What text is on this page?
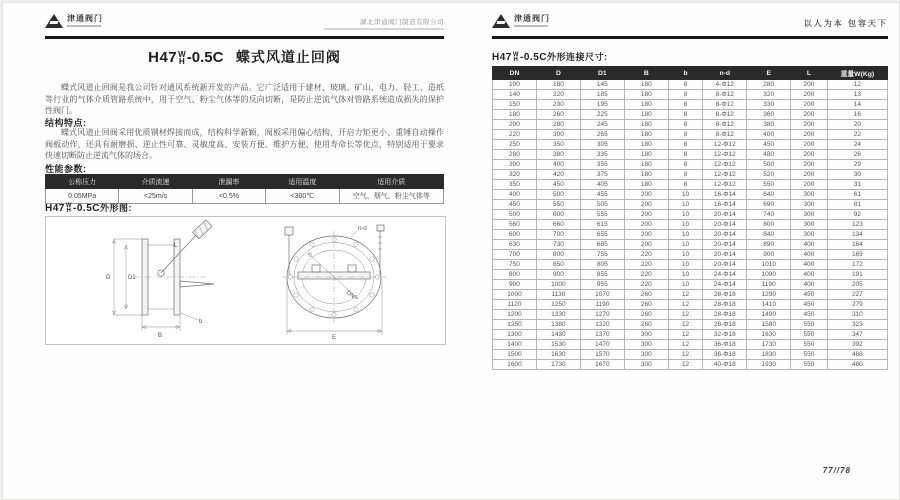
津通阀门	湖北津通阀门制造有限公司
H47 W
H -0.5C 蝶式风道止回阀
蝶式风道止回阀是我公司针对通风系统新开发的产品。它广泛适用于建材、玻璃、矿山、电力、轻工、造纸等行业的气体介质管路系统中，用于空气、粉尘气体等的反向切断，是防止逆流气体对管路系统造成损失的保护性阀门。
结构特点:
蝶式风道止回阀采用优质钢材焊接而成，结构科学新颖，阀板采用偏心结构，开启力矩更小、重锤自动操作阀板动作，还具有耐磨损、逆止性可靠、灵敏度高、安装方便、维护方便、使用寿命长等优点，特别适用于要求快速切断防止逆流气体的场合。
性能参数:
公称压力	介质流速	泄漏率	适用温度	适用介质
0.05MPa	<25m/s	<0.5%	<300℃	空气、烟气、粉尘气体等
H47 W
H -0.5C 外形图:
D	D1
L
B
b
n-d
DN
E
津通阀门
以人为本 包容天下
H47 W
H -0.5C 外形连接尺寸:
DN	D	D1	B	b	n-d	E	L	重量W(Kg)
100	180	145	180	8	4-Φ12	280	200	12
140	220	185	180	8	8-Φ12	320	200	13
150	230	195	180	8	8-Φ12	330	200	14
180	260	225	180	8	8-Φ12	360	200	16
200	280	245	180	8	8-Φ12	380	200	20
220	300	265	180	8	8-Φ12	400	200	22
250	350	305	180	8	12-Φ12	450	200	24
280	380	335	180	8	12-Φ12	480	200	26
300	400	355	180	8	12-Φ12	500	200	29
320	420	375	180	8	12-Φ12	520	200	30
350	450	405	180	8	12-Φ12	550	200	31
400	500	455	200	10	16-Φ14	640	300	61
450	550	505	200	10	16-Φ14	690	300	81
500	600	555	200	10	20-Φ14	740	300	92
560	660	615	200	10	20-Φ14	800	300	123
600	700	655	200	10	20-Φ14	840	300	134
630	730	685	200	10	20-Φ14	890	400	164
700	800	755	220	10	20-Φ14	900	400	169
750	850	805	220	10	20-Φ14	1010	400	172
800	900	855	220	10	24-Φ14	1090	400	191
900	1000	955	220	10	24-Φ14	1190	400	205
1000	1130	1070	260	12	28-Φ18	1290	450	227
1120	1250	1190	260	12	28-Φ18	1410	450	279
1200	1330	1270	260	12	28-Φ18	1490	450	310
1250	1380	1320	260	12	28-Φ18	1580	550	323
1300	1430	1370	300	12	32-Φ18	1630	550	347
1400	1530	1470	300	12	36-Φ18	1730	550	392
1500	1630	1570	300	12	36-Φ18	1830	550	468
1600	1730	1670	300	12	40-Φ18	1930	550	480
77//78
